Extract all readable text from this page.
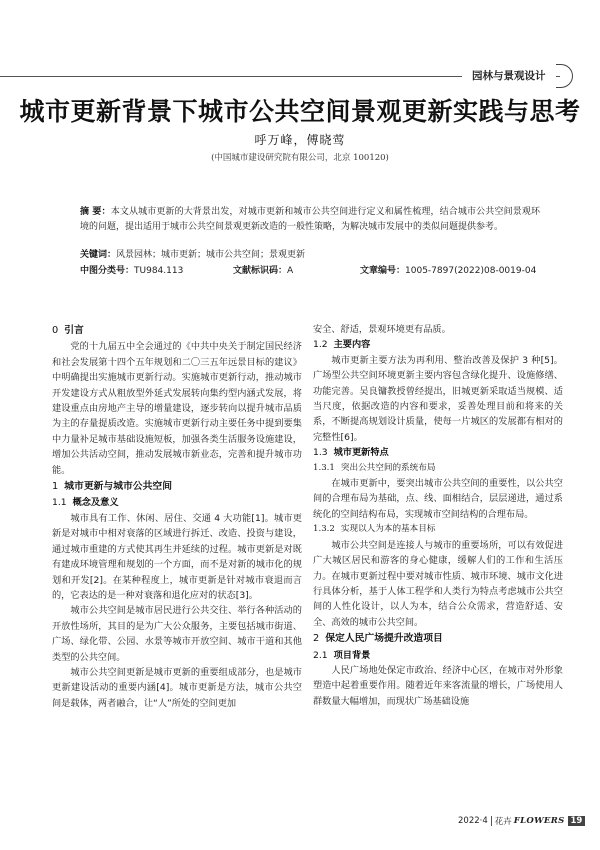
园林与景观设计
城市更新背景下城市公共空间景观更新实践与思考
呼万峰，傅晓莺
(中国城市建设研究院有限公司，北京 100120)
摘 要：本文从城市更新的大背景出发，对城市更新和城市公共空间进行定义和属性梳理，结合城市公共空间景观环境的问题，提出适用于城市公共空间景观更新改造的一般性策略，为解决城市发展中的类似问题提供参考。
关键词：风景园林；城市更新；城市公共空间；景观更新
中图分类号：TU984.113	文献标识码：A	文章编号：1005-7897(2022)08-0019-04

0 引言

党的十九届五中全会通过的《中共中央关于制定国民经济和社会发展第十四个五年规划和二〇三五年远景目标的建议》中明确提出实施城市更新行动。实施城市更新行动，推动城市开发建设方式从粗放型外延式发展转向集约型内涵式发展，将建设重点由房地产主导的增量建设，逐步转向以提升城市品质为主的存量提质改造。实施城市更新行动主要任务中提到要集中力量补足城市基础设施短板，加强各类生活服务设施建设，增加公共活动空间，推动发展城市新业态，完善和提升城市功能。

1 城市更新与城市公共空间

1.1 概念及意义

城市具有工作、休闲、居住、交通 4 大功能[1]。城市更新是对城市中相对衰落的区域进行拆迁、改造、投资与建设，通过城市重建的方式使其再生并延续的过程。城市更新是对既有建成环境管理和规划的一个方面，而不是对新的城市化的规划和开发[2]。在某种程度上，城市更新是针对城市衰退而言的，它表达的是一种对衰落和退化应对的状态[3]。

城市公共空间是城市居民进行公共交往、举行各种活动的开放性场所，其目的是为广大公众服务，主要包括城市街道、广场、绿化带、公园、水景等城市开放空间、城市干道和其他类型的公共空间。

城市公共空间更新是城市更新的重要组成部分，也是城市更新建设活动的重要内涵[4]。城市更新是方法，城市公共空间是载体，两者融合，让“人”所处的空间更加

安全、舒适，景观环境更有品质。

1.2 主要内容

城市更新主要方法为再利用、整治改善及保护 3 种[5]。广场型公共空间环境更新主要内容包含绿化提升、设施修缮、功能完善。吴良镛教授曾经提出，旧城更新采取适当规模、适当尺度，依据改造的内容和要求，妥善处理目前和将来的关系，不断提高规划设计质量，使每一片城区的发展都有相对的完整性[6]。

1.3 城市更新特点

1.3.1 突出公共空间的系统布局

在城市更新中，要突出城市公共空间的重要性，以公共空间的合理布局为基础，点、线、面相结合，层层递进，通过系统化的空间结构布局，实现城市空间结构的合理布局。

1.3.2 实现以人为本的基本目标

城市公共空间是连接人与城市的重要场所，可以有效促进广大城区居民和游客的身心健康，缓解人们的工作和生活压力。在城市更新过程中要对城市性质、城市环境、城市文化进行具体分析，基于人体工程学和人类行为特点考虑城市公共空间的人性化设计，以人为本，结合公众需求，营造舒适、安全、高效的城市公共空间。

2 保定人民广场提升改造项目

2.1 项目背景

人民广场地处保定市政治、经济中心区，在城市对外形象塑造中起着重要作用。随着近年来客流量的增长，广场使用人群数量大幅增加，而现状广场基础设施

2022·4 花卉 FLOWERS 19
